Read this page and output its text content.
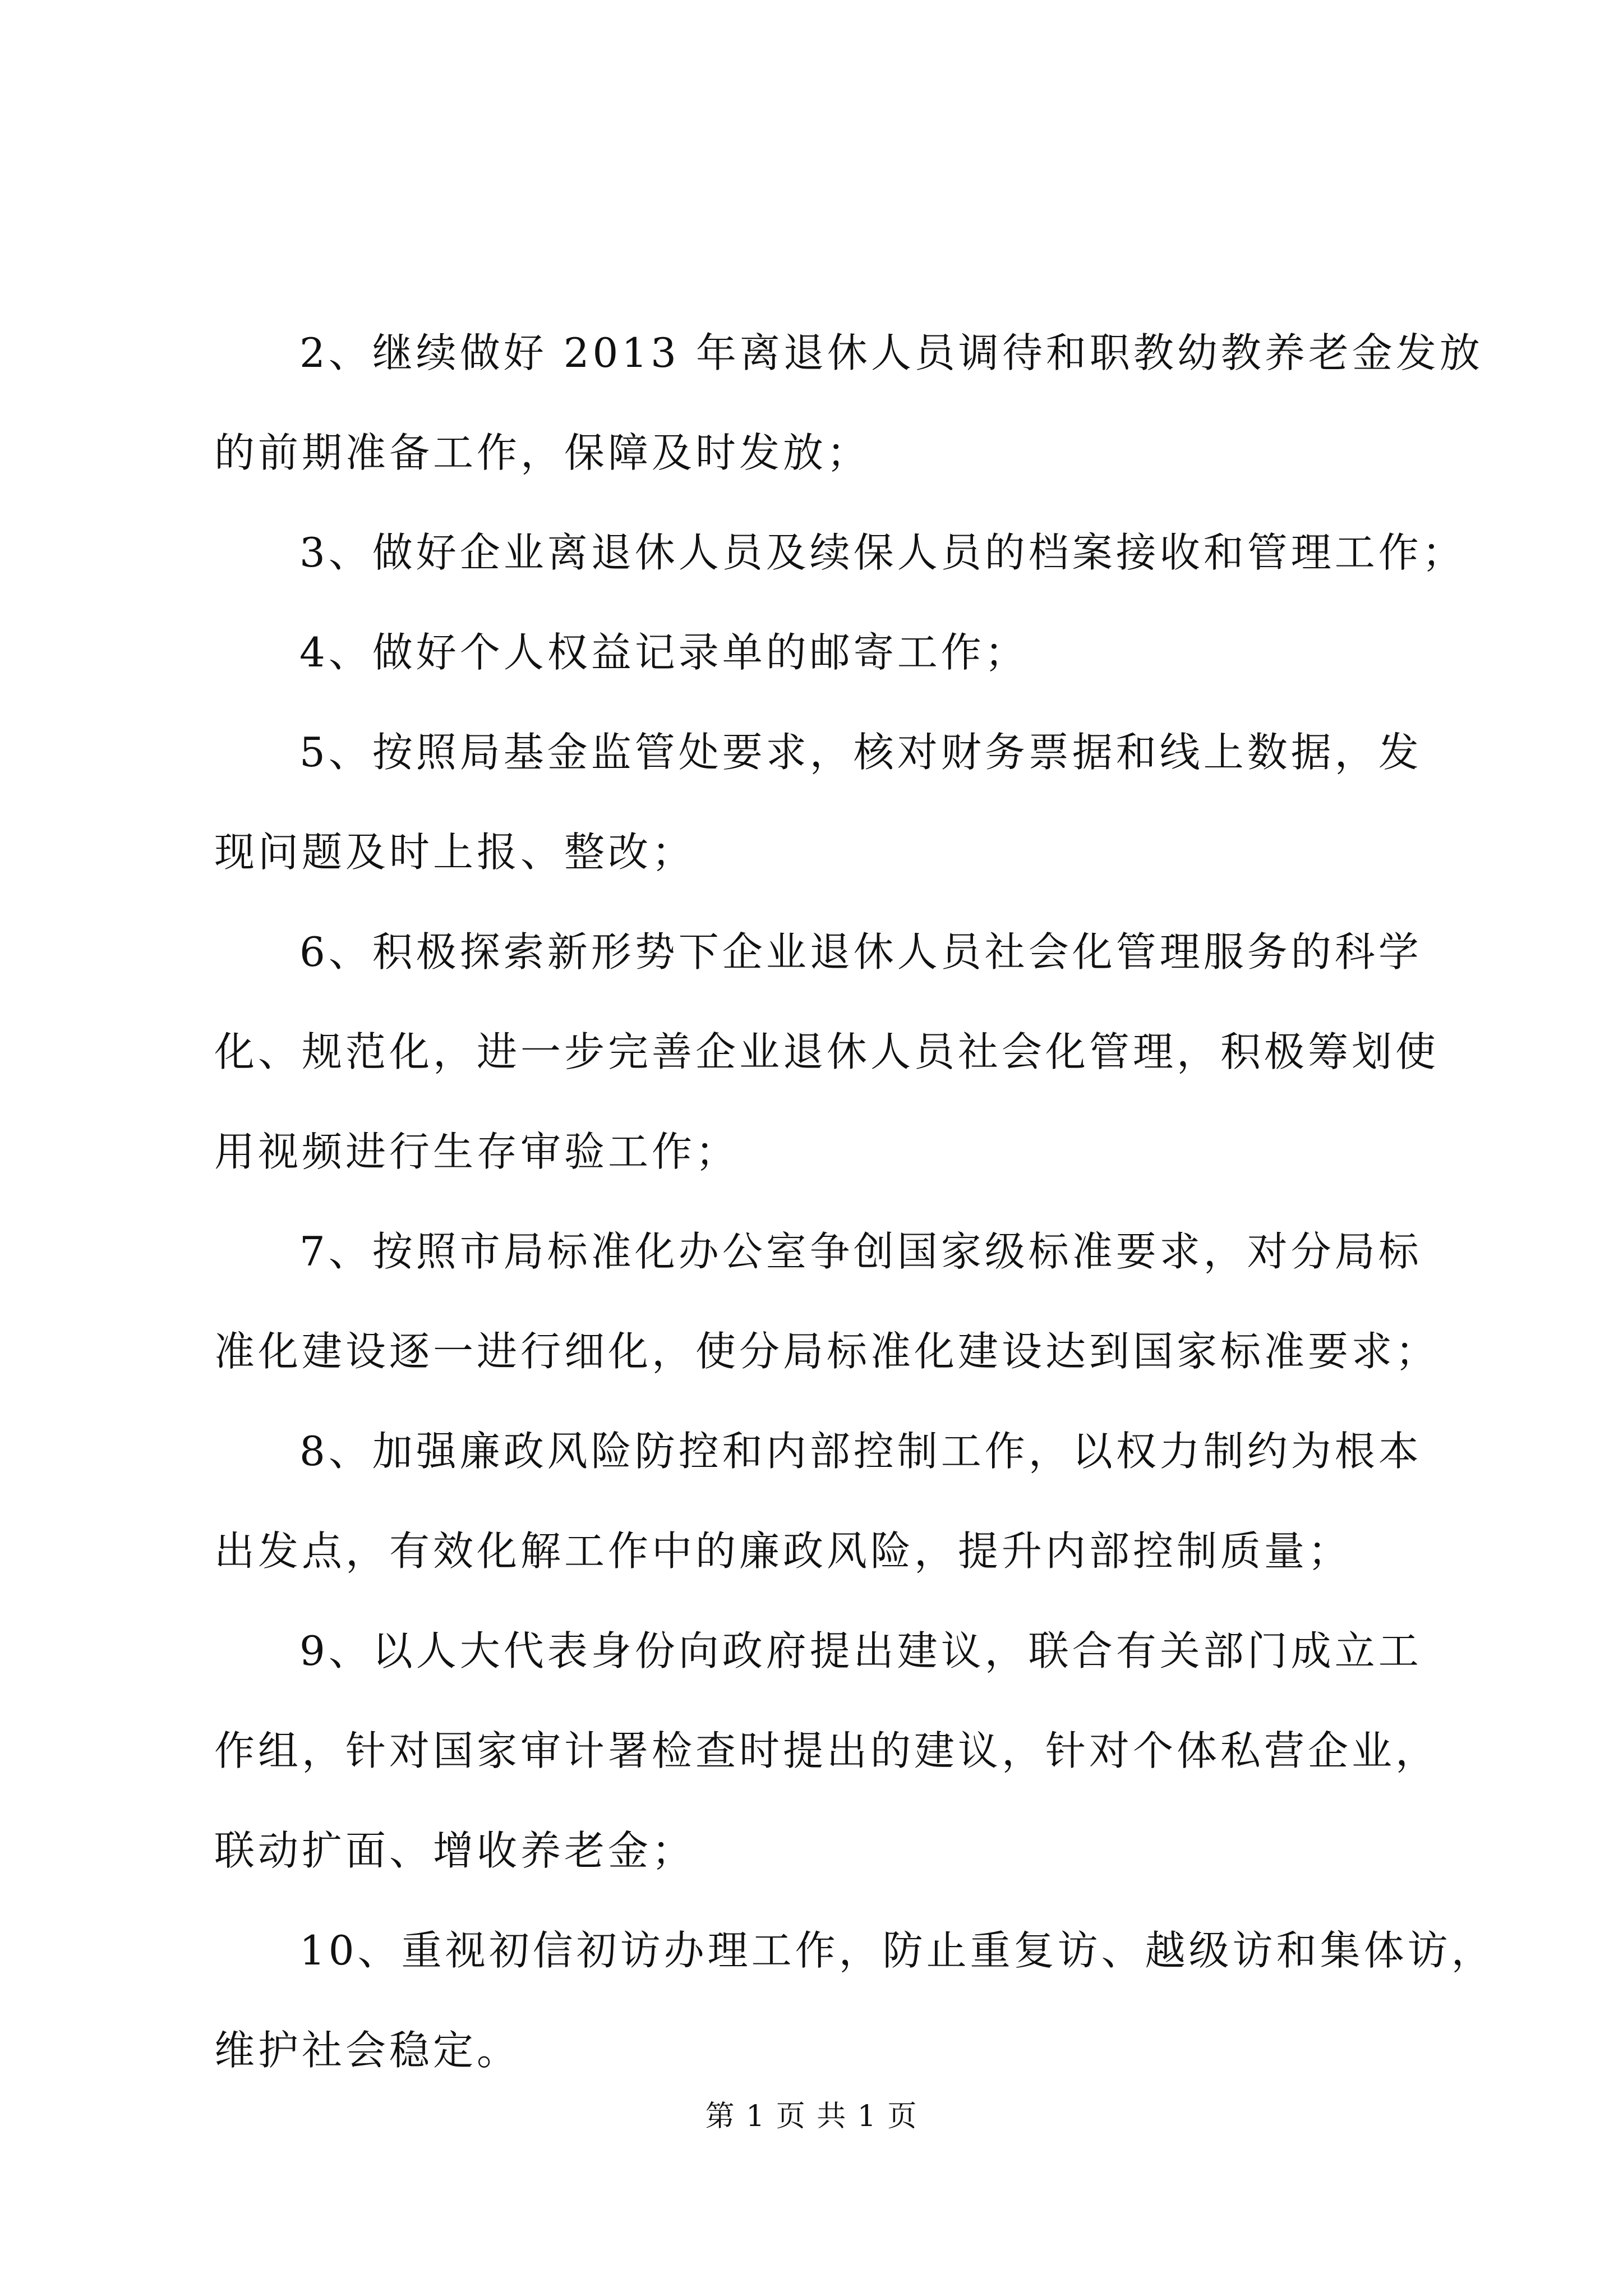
2、继续做好 2013 年离退休人员调待和职教幼教养老金发放
的前期准备工作，保障及时发放；
3、做好企业离退休人员及续保人员的档案接收和管理工作；
4、做好个人权益记录单的邮寄工作；
5、按照局基金监管处要求，核对财务票据和线上数据，发
现问题及时上报、整改；
6、积极探索新形势下企业退休人员社会化管理服务的科学
化、规范化，进一步完善企业退休人员社会化管理，积极筹划使
用视频进行生存审验工作；
7、按照市局标准化办公室争创国家级标准要求，对分局标
准化建设逐一进行细化，使分局标准化建设达到国家标准要求；
8、加强廉政风险防控和内部控制工作，以权力制约为根本
出发点，有效化解工作中的廉政风险，提升内部控制质量；
9、以人大代表身份向政府提出建议，联合有关部门成立工
作组，针对国家审计署检查时提出的建议，针对个体私营企业，
联动扩面、增收养老金；
10、重视初信初访办理工作，防止重复访、越级访和集体访，
维护社会稳定。
第 1 页 共 1 页
